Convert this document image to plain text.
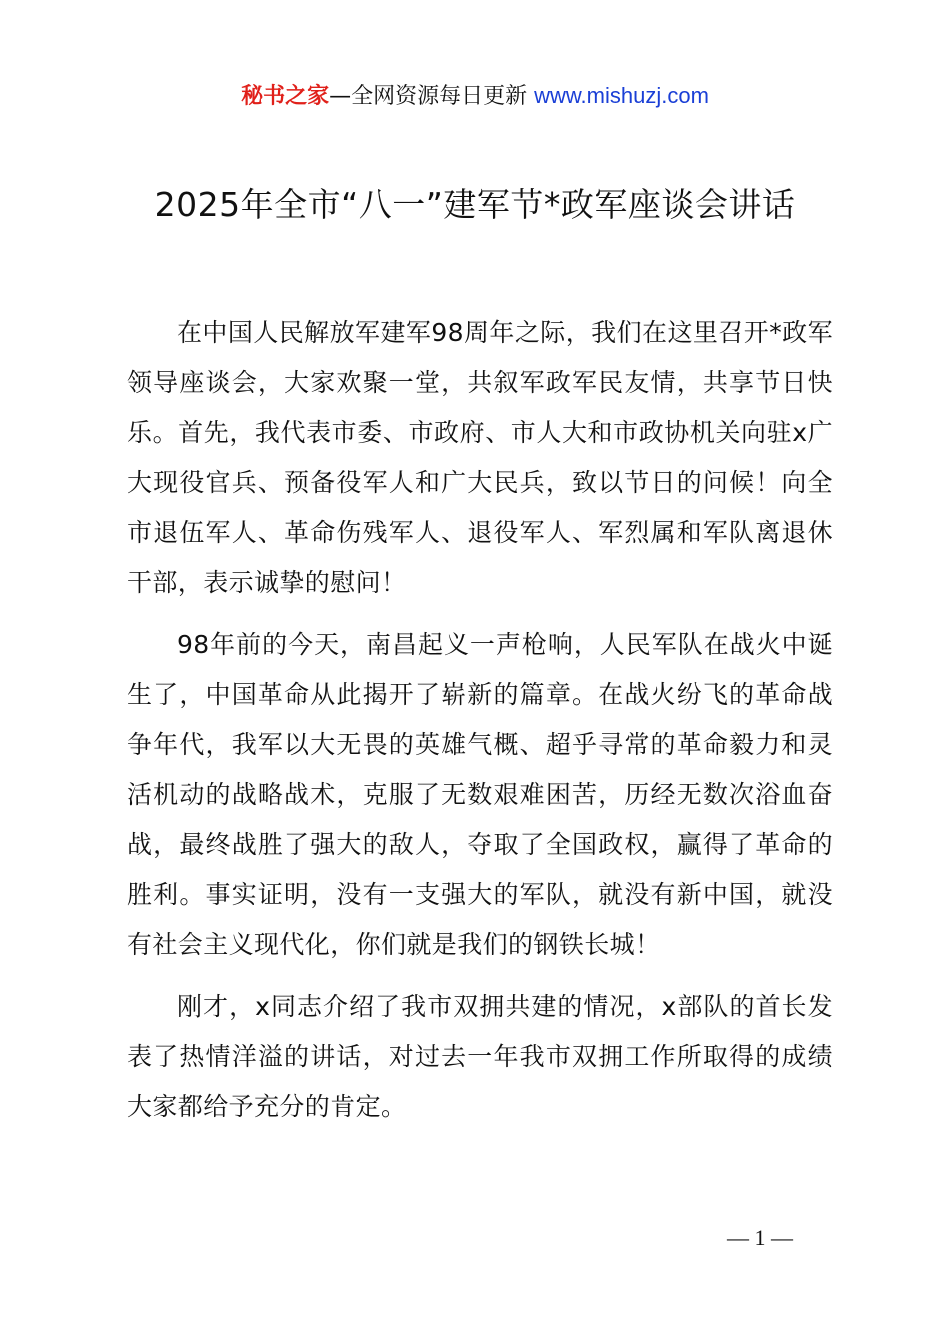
秘书之家—全网资源每日更新 www.mishuzj.com
2025年全市“八一”建军节*政军座谈会讲话

在中国人民解放军建军98周年之际，我们在这里召开*政军领导座谈会，大家欢聚一堂，共叙军政军民友情，共享节日快乐。首先，我代表市委、市政府、市人大和市政协机关向驻x广大现役官兵、预备役军人和广大民兵，致以节日的问候！向全市退伍军人、革命伤残军人、退役军人、军烈属和军队离退休干部，表示诚挚的慰问！

98年前的今天，南昌起义一声枪响，人民军队在战火中诞生了，中国革命从此揭开了崭新的篇章。在战火纷飞的革命战争年代，我军以大无畏的英雄气概、超乎寻常的革命毅力和灵活机动的战略战术，克服了无数艰难困苦，历经无数次浴血奋战，最终战胜了强大的敌人，夺取了全国政权，赢得了革命的胜利。事实证明，没有一支强大的军队，就没有新中国，就没有社会主义现代化，你们就是我们的钢铁长城！

刚才，x同志介绍了我市双拥共建的情况，x部队的首长发表了热情洋溢的讲话，对过去一年我市双拥工作所取得的成绩大家都给予充分的肯定。

— 1 —
